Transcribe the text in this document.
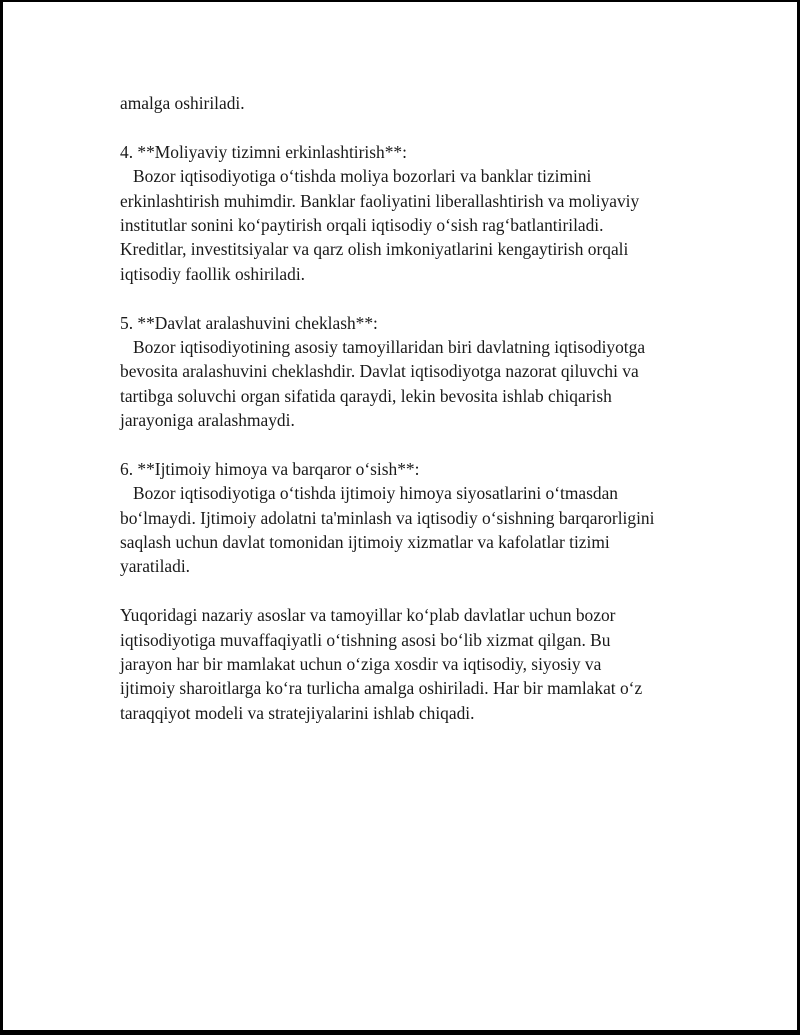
amalga oshiriladi.
4. **Moliyaviy tizimni erkinlashtirish**:
Bozor iqtisodiyotiga o‘tishda moliya bozorlari va banklar tizimini
erkinlashtirish muhimdir. Banklar faoliyatini liberallashtirish va moliyaviy
institutlar sonini ko‘paytirish orqali iqtisodiy o‘sish rag‘batlantiriladi.
Kreditlar, investitsiyalar va qarz olish imkoniyatlarini kengaytirish orqali
iqtisodiy faollik oshiriladi.
5. **Davlat aralashuvini cheklash**:
Bozor iqtisodiyotining asosiy tamoyillaridan biri davlatning iqtisodiyotga
bevosita aralashuvini cheklashdir. Davlat iqtisodiyotga nazorat qiluvchi va
tartibga soluvchi organ sifatida qaraydi, lekin bevosita ishlab chiqarish
jarayoniga aralashmaydi.
6. **Ijtimoiy himoya va barqaror o‘sish**:
Bozor iqtisodiyotiga o‘tishda ijtimoiy himoya siyosatlarini o‘tmasdan
bo‘lmaydi. Ijtimoiy adolatni ta'minlash va iqtisodiy o‘sishning barqarorligini
saqlash uchun davlat tomonidan ijtimoiy xizmatlar va kafolatlar tizimi
yaratiladi.
Yuqoridagi nazariy asoslar va tamoyillar ko‘plab davlatlar uchun bozor
iqtisodiyotiga muvaffaqiyatli o‘tishning asosi bo‘lib xizmat qilgan. Bu
jarayon har bir mamlakat uchun o‘ziga xosdir va iqtisodiy, siyosiy va
ijtimoiy sharoitlarga ko‘ra turlicha amalga oshiriladi. Har bir mamlakat o‘z
taraqqiyot modeli va stratejiyalarini ishlab chiqadi.
